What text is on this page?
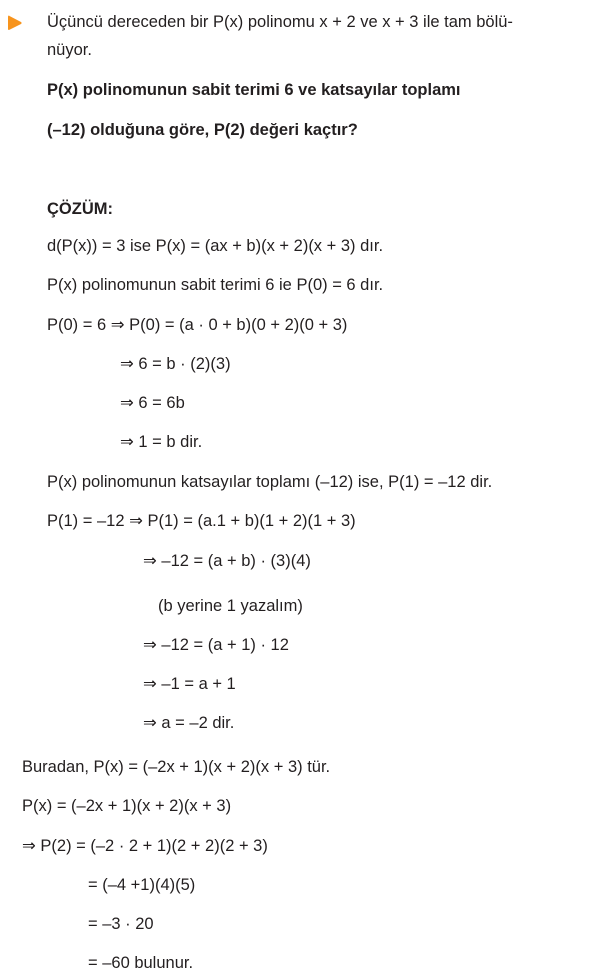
Üçüncü dereceden bir P(x) polinomu x + 2 ve x + 3 ile tam bölü-
nüyor.
P(x) polinomunun sabit terimi 6 ve katsayılar toplamı
(–12) olduğuna göre, P(2) değeri kaçtır?
ÇÖZÜM:
d(P(x)) = 3 ise P(x) = (ax + b)(x + 2)(x + 3) dır.
P(x) polinomunun sabit terimi 6 ie P(0) = 6 dır.
P(0) = 6 ⇒ P(0) = (a · 0 + b)(0 + 2)(0 + 3)
⇒ 6 = b · (2)(3)
⇒ 6 = 6b
⇒ 1 = b dir.
P(x) polinomunun katsayılar toplamı (–12) ise, P(1) = –12 dir.
P(1) = –12 ⇒ P(1) = (a.1 + b)(1 + 2)(1 + 3)
⇒ –12 = (a + b) · (3)(4)
(b yerine 1 yazalım)
⇒ –12 = (a + 1) · 12
⇒ –1 = a + 1
⇒ a = –2 dir.
Buradan, P(x) = (–2x + 1)(x + 2)(x + 3) tür.
P(x) = (–2x + 1)(x + 2)(x + 3)
⇒ P(2) = (–2 · 2 + 1)(2 + 2)(2 + 3)
= (–4 +1)(4)(5)
= –3 · 20
= –60 bulunur.
